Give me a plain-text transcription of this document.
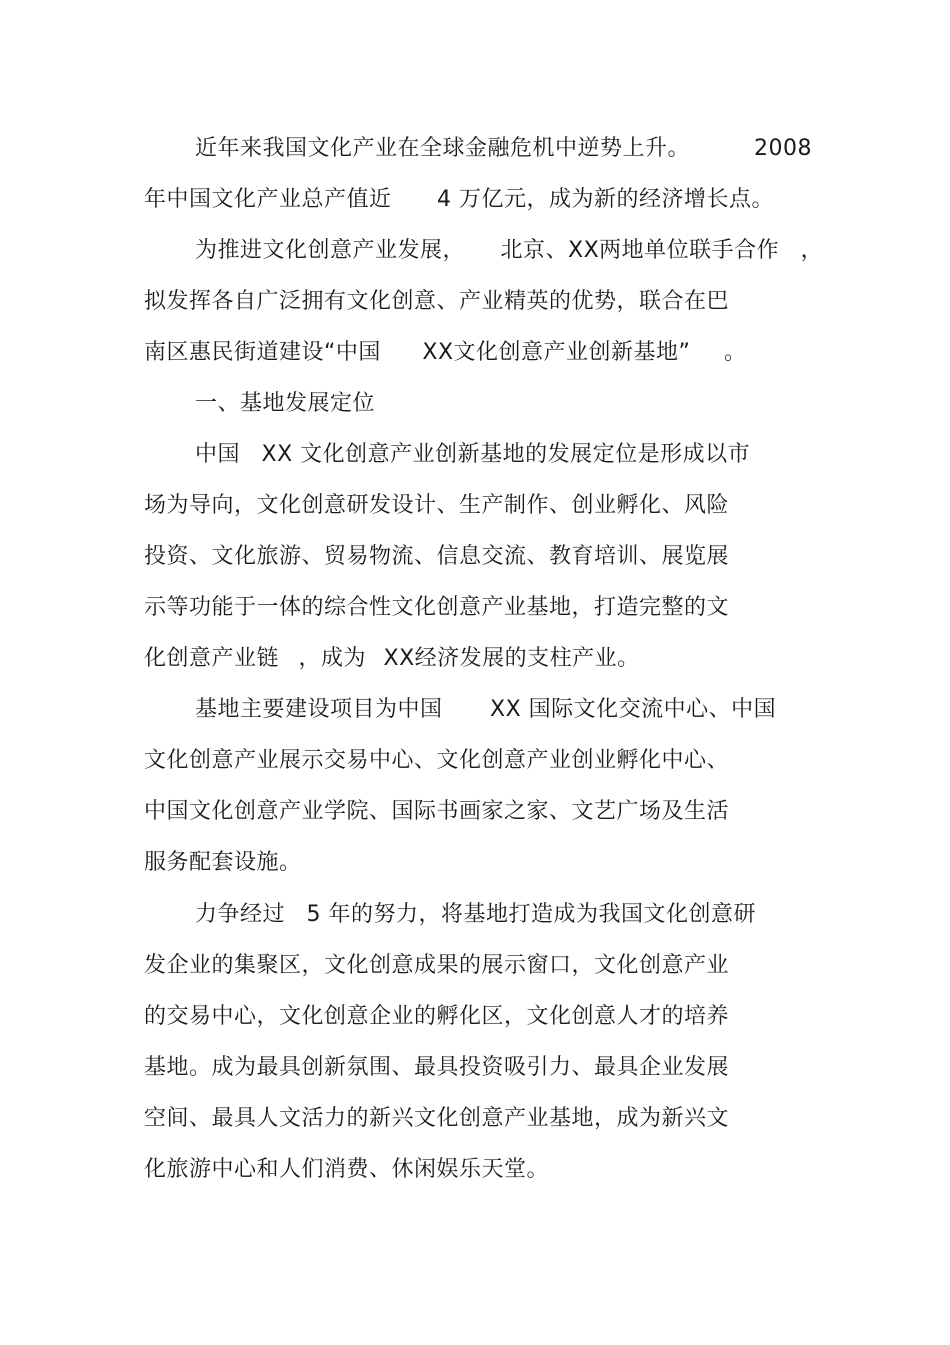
近年来我国文化产业在全球金融危机中逆势上升。	2008
年中国文化产业总产值近 4 万亿元，成为新的经济增长点。
为推进文化创意产业发展， 北京、XX两地单位联手合作 ，
拟发挥各自广泛拥有文化创意、产业精英的优势，联合在巴
南区惠民街道建设“中国 XX文化创意产业创新基地” 。
一、基地发展定位
中国 XX 文化创意产业创新基地的发展定位是形成以市
场为导向，文化创意研发设计、生产制作、创业孵化、风险
投资、文化旅游、贸易物流、信息交流、教育培训、展览展
示等功能于一体的综合性文化创意产业基地，打造完整的文
化创意产业链 ，成为 XX经济发展的支柱产业。
基地主要建设项目为中国 XX 国际文化交流中心、中国
文化创意产业展示交易中心、文化创意产业创业孵化中心、
中国文化创意产业学院、国际书画家之家、文艺广场及生活
服务配套设施。
力争经过 5 年的努力，将基地打造成为我国文化创意研
发企业的集聚区，文化创意成果的展示窗口，文化创意产业
的交易中心，文化创意企业的孵化区，文化创意人才的培养
基地。成为最具创新氛围、最具投资吸引力、最具企业发展
空间、最具人文活力的新兴文化创意产业基地，成为新兴文
化旅游中心和人们消费、休闲娱乐天堂。
